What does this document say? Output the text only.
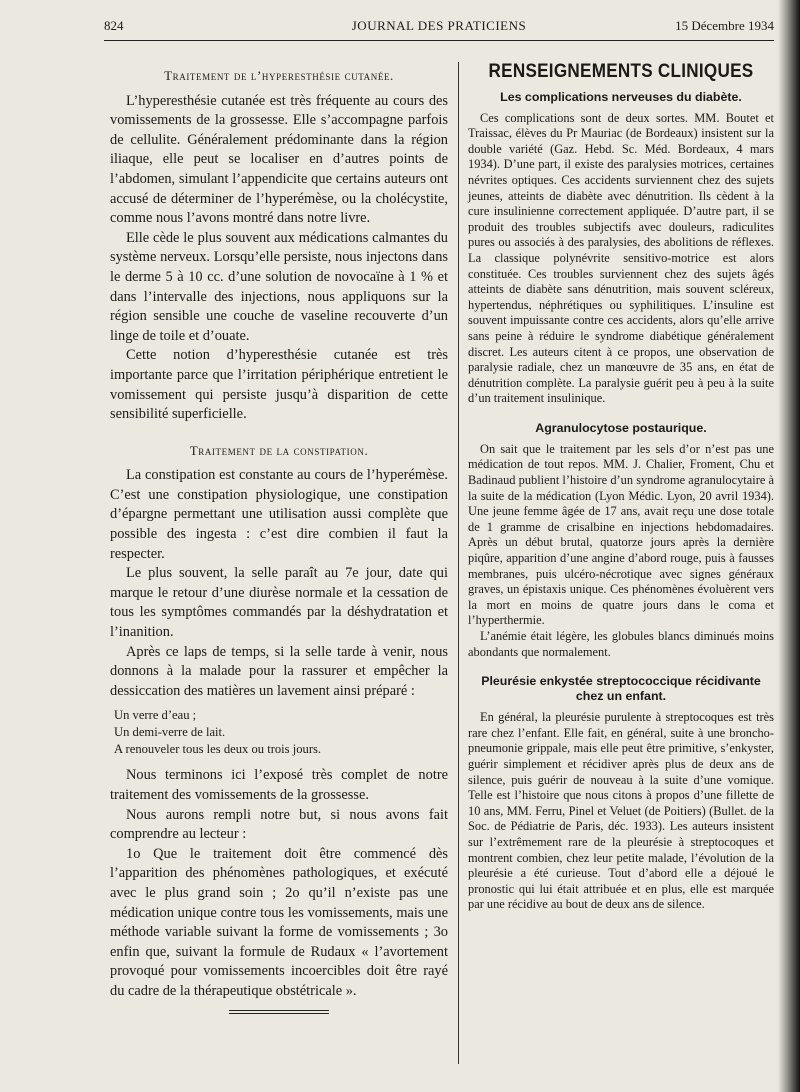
824	JOURNAL DES PRATICIENS	15 Décembre 1934
Traitement de l’hyperesthésie cutanée.

L’hyperesthésie cutanée est très fréquente au cours des vomissements de la grossesse. Elle s’accompagne parfois de cellulite. Généralement prédominante dans la région iliaque, elle peut se localiser en d’autres points de l’abdomen, simulant l’appendicite que certains auteurs ont accusé de déterminer de l’hyperémèse, ou la cholécystite, comme nous l’avons montré dans notre livre.

Elle cède le plus souvent aux médications calmantes du système nerveux. Lorsqu’elle persiste, nous injectons dans le derme 5 à 10 cc. d’une solution de novocaïne à 1 % et dans l’intervalle des injections, nous appliquons sur la région sensible une couche de vaseline recouverte d’un linge de toile et d’ouate.

Cette notion d’hyperesthésie cutanée est très importante parce que l’irritation périphérique entretient le vomissement qui persiste jusqu’à disparition de cette sensibilité superficielle.

Traitement de la constipation.

La constipation est constante au cours de l’hyperémèse. C’est une constipation physiologique, une constipation d’épargne permettant une utilisation aussi complète que possible des ingesta : c’est dire combien il faut la respecter.

Le plus souvent, la selle paraît au 7e jour, date qui marque le retour d’une diurèse normale et la cessation de tous les symptômes commandés par la déshydratation et l’inanition.

Après ce laps de temps, si la selle tarde à venir, nous donnons à la malade pour la rassurer et empêcher la dessiccation des matières un lavement ainsi préparé :

Un verre d’eau ;
Un demi-verre de lait.
A renouveler tous les deux ou trois jours.

Nous terminons ici l’exposé très complet de notre traitement des vomissements de la grossesse.

Nous aurons rempli notre but, si nous avons fait comprendre au lecteur :

1o Que le traitement doit être commencé dès l’apparition des phénomènes pathologiques, et exécuté avec le plus grand soin ; 2o qu’il n’existe pas une médication unique contre tous les vomissements, mais une méthode variable suivant la forme de vomissements ; 3o enfin que, suivant la formule de Rudaux « l’avortement provoqué pour vomissements incoercibles doit être rayé du cadre de la thérapeutique obstétricale ».

RENSEIGNEMENTS CLINIQUES
Les complications nerveuses du diabète.

Ces complications sont de deux sortes. MM. Boutet et Traissac, élèves du Pr Mauriac (de Bordeaux) insistent sur la double variété (Gaz. Hebd. Sc. Méd. Bordeaux, 4 mars 1934). D’une part, il existe des paralysies motrices, certaines névrites optiques. Ces accidents surviennent chez des sujets jeunes, atteints de diabète avec dénutrition. Ils cèdent à la cure insulinienne correctement appliquée. D’autre part, il se produit des troubles subjectifs avec douleurs, radiculites pures ou associés à des paralysies, des abolitions de réflexes. La classique polynévrite sensitivo-motrice est alors constituée. Ces troubles surviennent chez des sujets âgés atteints de diabète sans dénutrition, mais souvent scléreux, hypertendus, néphrétiques ou syphilitiques. L’insuline est souvent impuissante contre ces accidents, alors qu’elle arrive sans peine à réduire le syndrome diabétique généralement discret. Les auteurs citent à ce propos, une observation de paralysie radiale, chez un manœuvre de 35 ans, en état de dénutrition complète. La paralysie guérit peu à peu à la suite d’un traitement insulinique.

Agranulocytose postaurique.

On sait que le traitement par les sels d’or n’est pas une médication de tout repos. MM. J. Chalier, Froment, Chu et Badinaud publient l’histoire d’un syndrome agranulocytaire à la suite de la médication (Lyon Médic. Lyon, 20 avril 1934). Une jeune femme âgée de 17 ans, avait reçu une dose totale de 1 gramme de crisalbine en injections hebdomadaires. Après un début brutal, quatorze jours après la dernière piqûre, apparition d’une angine d’abord rouge, puis à fausses membranes, puis ulcéro-nécrotique avec signes généraux graves, un épistaxis unique. Ces phénomènes évoluèrent vers la mort en moins de quatre jours dans le coma et l’hyperthermie.

L’anémie était légère, les globules blancs diminués moins abondants que normalement.

Pleurésie enkystée streptococcique récidivante chez un enfant.

En général, la pleurésie purulente à streptocoques est très rare chez l’enfant. Elle fait, en général, suite à une broncho-pneumonie grippale, mais elle peut être primitive, s’enkyster, guérir simplement et récidiver après plus de deux ans de silence, puis guérir de nouveau à la suite d’une vomique. Telle est l’histoire que nous citons à propos d’une fillette de 10 ans, MM. Ferru, Pinel et Veluet (de Poitiers) (Bullet. de la Soc. de Pédiatrie de Paris, déc. 1933). Les auteurs insistent sur l’extrêmement rare de la pleurésie à streptocoques et montrent combien, chez leur petite malade, l’évolution de la pleurésie a été curieuse. Tout d’abord elle a déjoué le pronostic qui lui était attribuée et en plus, elle est marquée par une récidive au bout de deux ans de silence.
